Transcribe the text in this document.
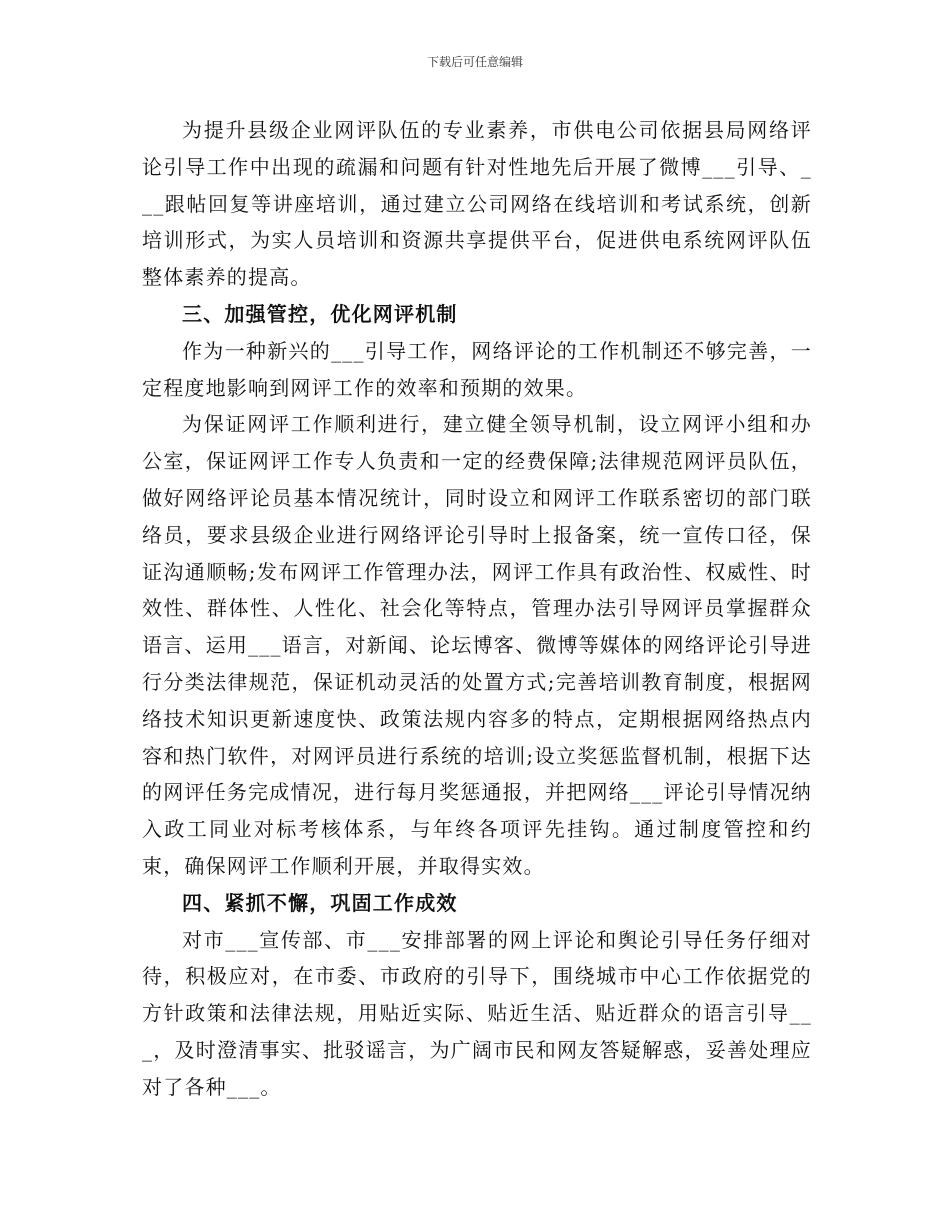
下载后可任意编辑

为提升县级企业网评队伍的专业素养，市供电公司依据县局网络评论引导工作中出现的疏漏和问题有针对性地先后开展了微博___引导、___跟帖回复等讲座培训，通过建立公司网络在线培训和考试系统，创新培训形式，为实人员培训和资源共享提供平台，促进供电系统网评队伍整体素养的提高。

三、加强管控，优化网评机制

作为一种新兴的___引导工作，网络评论的工作机制还不够完善，一定程度地影响到网评工作的效率和预期的效果。

为保证网评工作顺利进行，建立健全领导机制，设立网评小组和办公室，保证网评工作专人负责和一定的经费保障;法律规范网评员队伍，做好网络评论员基本情况统计，同时设立和网评工作联系密切的部门联络员，要求县级企业进行网络评论引导时上报备案，统一宣传口径，保证沟通顺畅;发布网评工作管理办法，网评工作具有政治性、权威性、时效性、群体性、人性化、社会化等特点，管理办法引导网评员掌握群众语言、运用___语言，对新闻、论坛博客、微博等媒体的网络评论引导进行分类法律规范，保证机动灵活的处置方式;完善培训教育制度，根据网络技术知识更新速度快、政策法规内容多的特点，定期根据网络热点内容和热门软件，对网评员进行系统的培训;设立奖惩监督机制，根据下达的网评任务完成情况，进行每月奖惩通报，并把网络___评论引导情况纳入政工同业对标考核体系，与年终各项评先挂钩。通过制度管控和约束，确保网评工作顺利开展，并取得实效。

四、紧抓不懈，巩固工作成效

对市___宣传部、市___安排部署的网上评论和舆论引导任务仔细对待，积极应对，在市委、市政府的引导下，围绕城市中心工作依据党的方针政策和法律法规，用贴近实际、贴近生活、贴近群众的语言引导___，及时澄清事实、批驳谣言，为广阔市民和网友答疑解惑，妥善处理应对了各种___。
